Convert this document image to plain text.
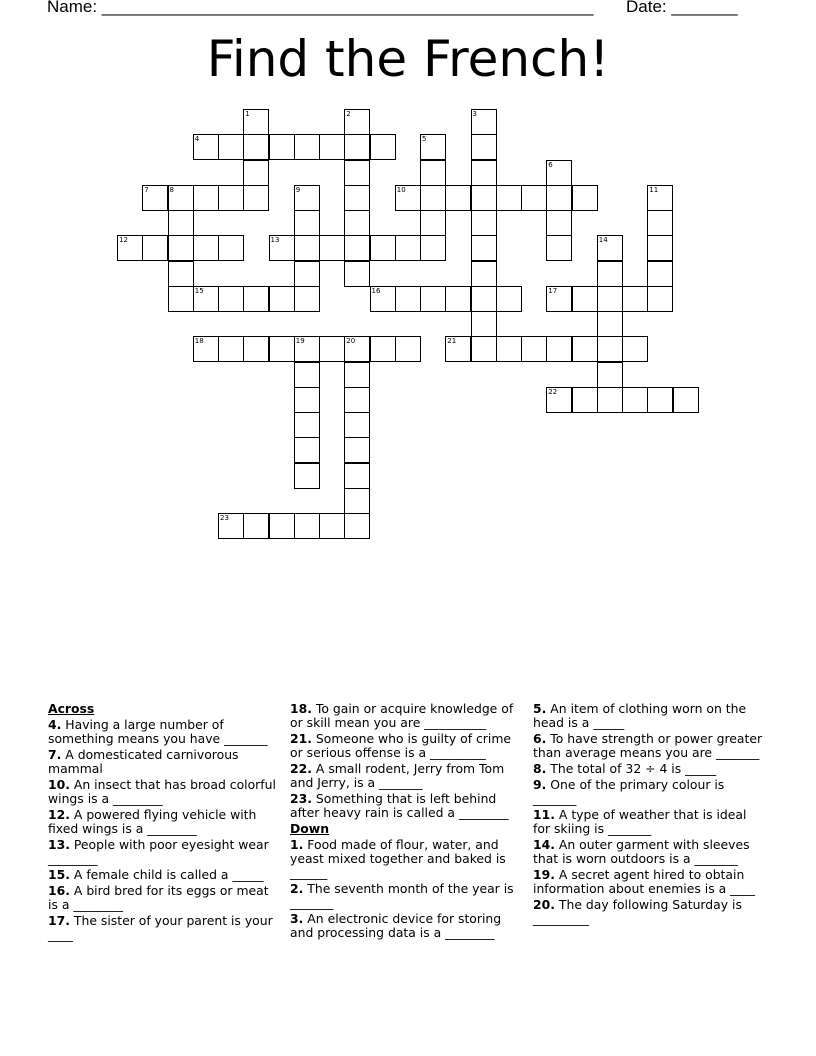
Name: ____________________________________________________ Date: _______
Find the French!
4
7	8	10
12	13
15	16	17
18	19	20	21
22
23
1	2	3
5
6
9	11
14
Across
4. Having a large number of something means you have _______
7. A domesticated carnivorous mammal
10. An insect that has broad colorful wings is a ________
12. A powered flying vehicle with fixed wings is a ________
13. People with poor eyesight wear ________
15. A female child is called a _____
16. A bird bred for its eggs or meat is a ________
17. The sister of your parent is your ____
18. To gain or acquire knowledge of or skill mean you are __________
21. Someone who is guilty of crime or serious offense is a _________
22. A small rodent, Jerry from Tom and Jerry, is a _______
23. Something that is left behind after heavy rain is called a ________
Down
1. Food made of flour, water, and yeast mixed together and baked is ______
2. The seventh month of the year is _______
3. An electronic device for storing and processing data is a ________
5. An item of clothing worn on the head is a _____
6. To have strength or power greater than average means you are _______
8. The total of 32 ÷ 4 is _____
9. One of the primary colour is _______
11. A type of weather that is ideal for skiing is _______
14. An outer garment with sleeves that is worn outdoors is a _______
19. A secret agent hired to obtain information about enemies is a ____
20. The day following Saturday is _________
